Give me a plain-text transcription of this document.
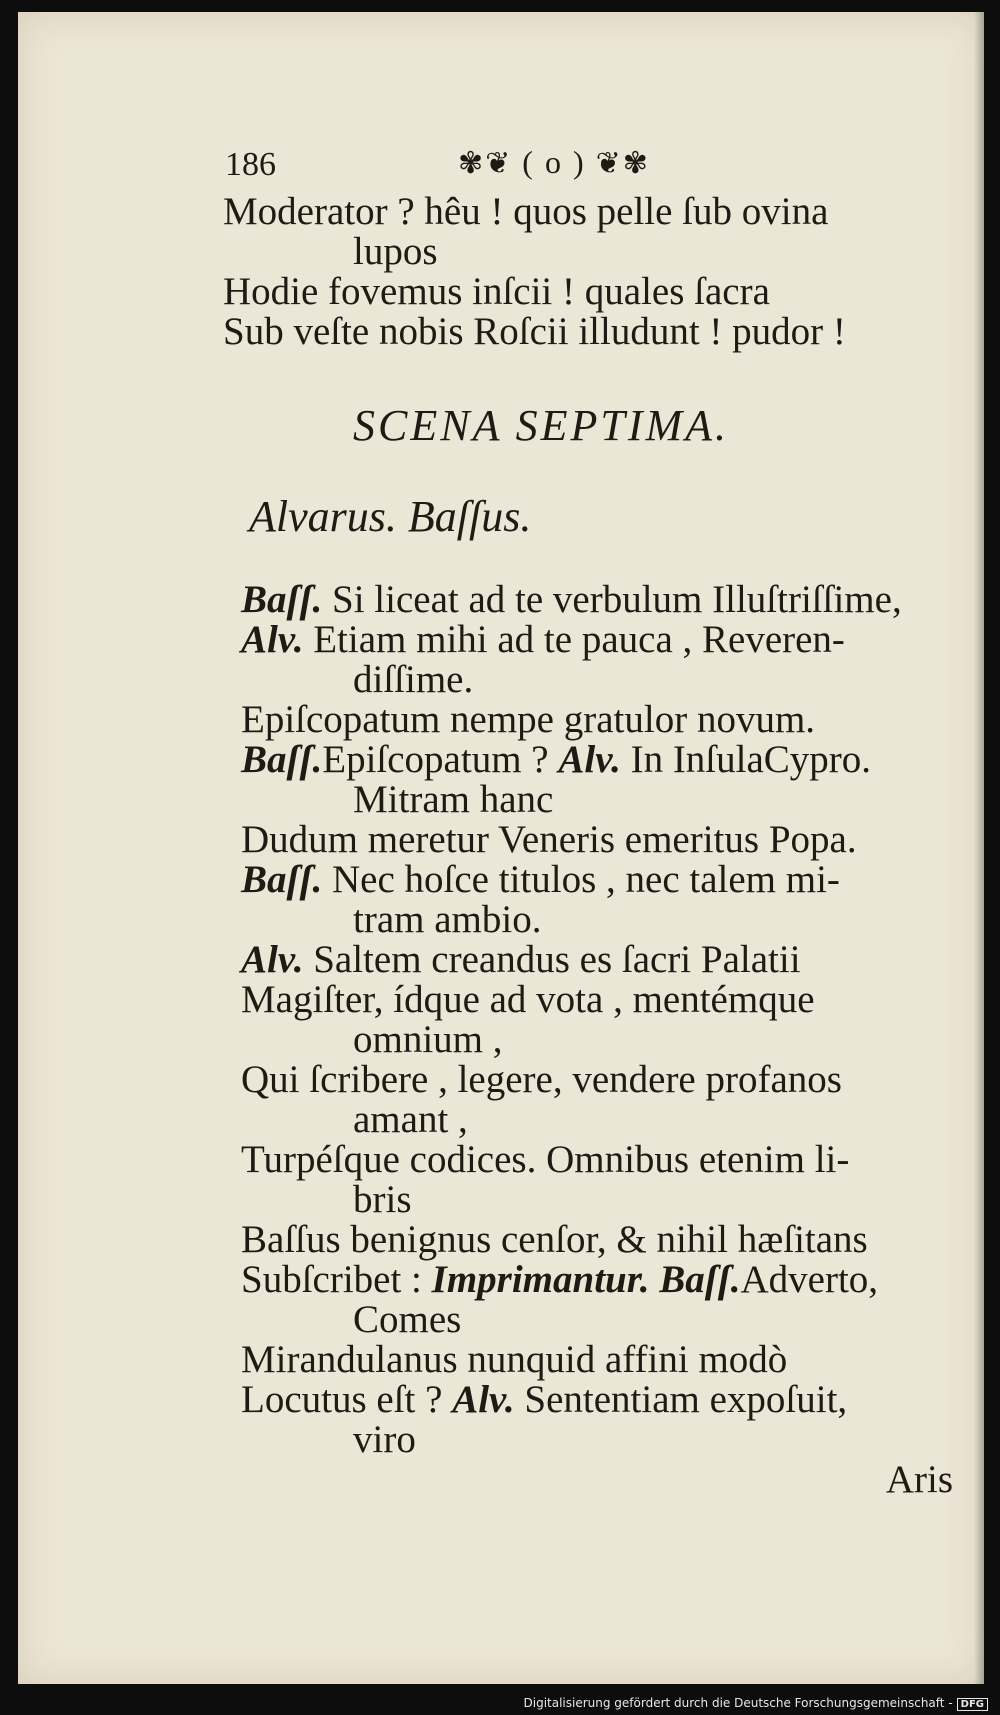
186	✾❦ ( o ) ❦✾

Moderator ? hêu ! quos pelle ſub ovina

lupos

Hodie fovemus inſcii ! quales ſacra

Sub veſte nobis Roſcii illudunt ! pudor !

SCENA SEPTIMA.
Alvarus. Baſſus.

Baſſ. Si liceat ad te verbulum Illuſtriſſime,

Alv. Etiam mihi ad te pauca , Reveren-

diſſime.

Epiſcopatum nempe gratulor novum.

Baſſ.Epiſcopatum ? Alv. In InſulaCypro.

Mitram hanc

Dudum meretur Veneris emeritus Popa.

Baſſ. Nec hoſce titulos , nec talem mi-

tram ambio.

Alv. Saltem creandus es ſacri Palatii

Magiſter, ídque ad vota , mentémque

omnium ,

Qui ſcribere , legere, vendere profanos

amant ,

Turpéſque codices. Omnibus etenim li-

bris

Baſſus benignus cenſor, & nihil hæſitans

Subſcribet : Imprimantur. Baſſ.Adverto,

Comes

Mirandulanus nunquid affini modò

Locutus eſt ? Alv. Sententiam expoſuit,

viro

Aris

Digitalisierung gefördert durch die Deutsche Forschungsgemeinschaft - DFG
